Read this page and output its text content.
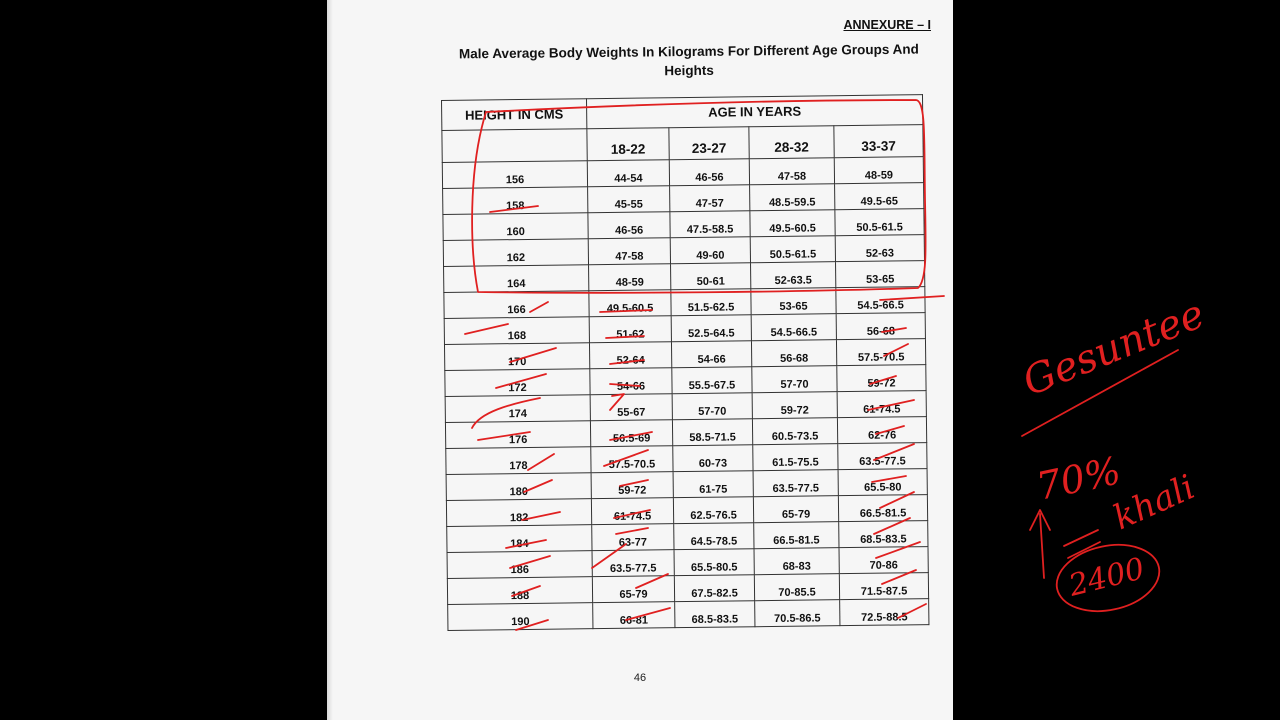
ANNEXURE – I
Male Average Body Weights In Kilograms For Different Age Groups And Heights
HEIGHT IN CMS	AGE IN YEARS			
	18-22	23-27	28-32	33-37
156	44-54	46-56	47-58	48-59
158	45-55	47-57	48.5-59.5	49.5-65
160	46-56	47.5-58.5	49.5-60.5	50.5-61.5
162	47-58	49-60	50.5-61.5	52-63
164	48-59	50-61	52-63.5	53-65
166	49.5-60.5	51.5-62.5	53-65	54.5-66.5
168	51-62	52.5-64.5	54.5-66.5	56-68
170	52-64	54-66	56-68	57.5-70.5
172	54-66	55.5-67.5	57-70	59-72
174	55-67	57-70	59-72	61-74.5
176	56.5-69	58.5-71.5	60.5-73.5	62-76
178	57.5-70.5	60-73	61.5-75.5	63.5-77.5
180	59-72	61-75	63.5-77.5	65.5-80
182	61-74.5	62.5-76.5	65-79	66.5-81.5
184	63-77	64.5-78.5	66.5-81.5	68.5-83.5
186	63.5-77.5	65.5-80.5	68-83	70-86
188	65-79	67.5-82.5	70-85.5	71.5-87.5
190	66-81	68.5-83.5	70.5-86.5	72.5-88.5
46
Gesuntee
70%
khali
2400
